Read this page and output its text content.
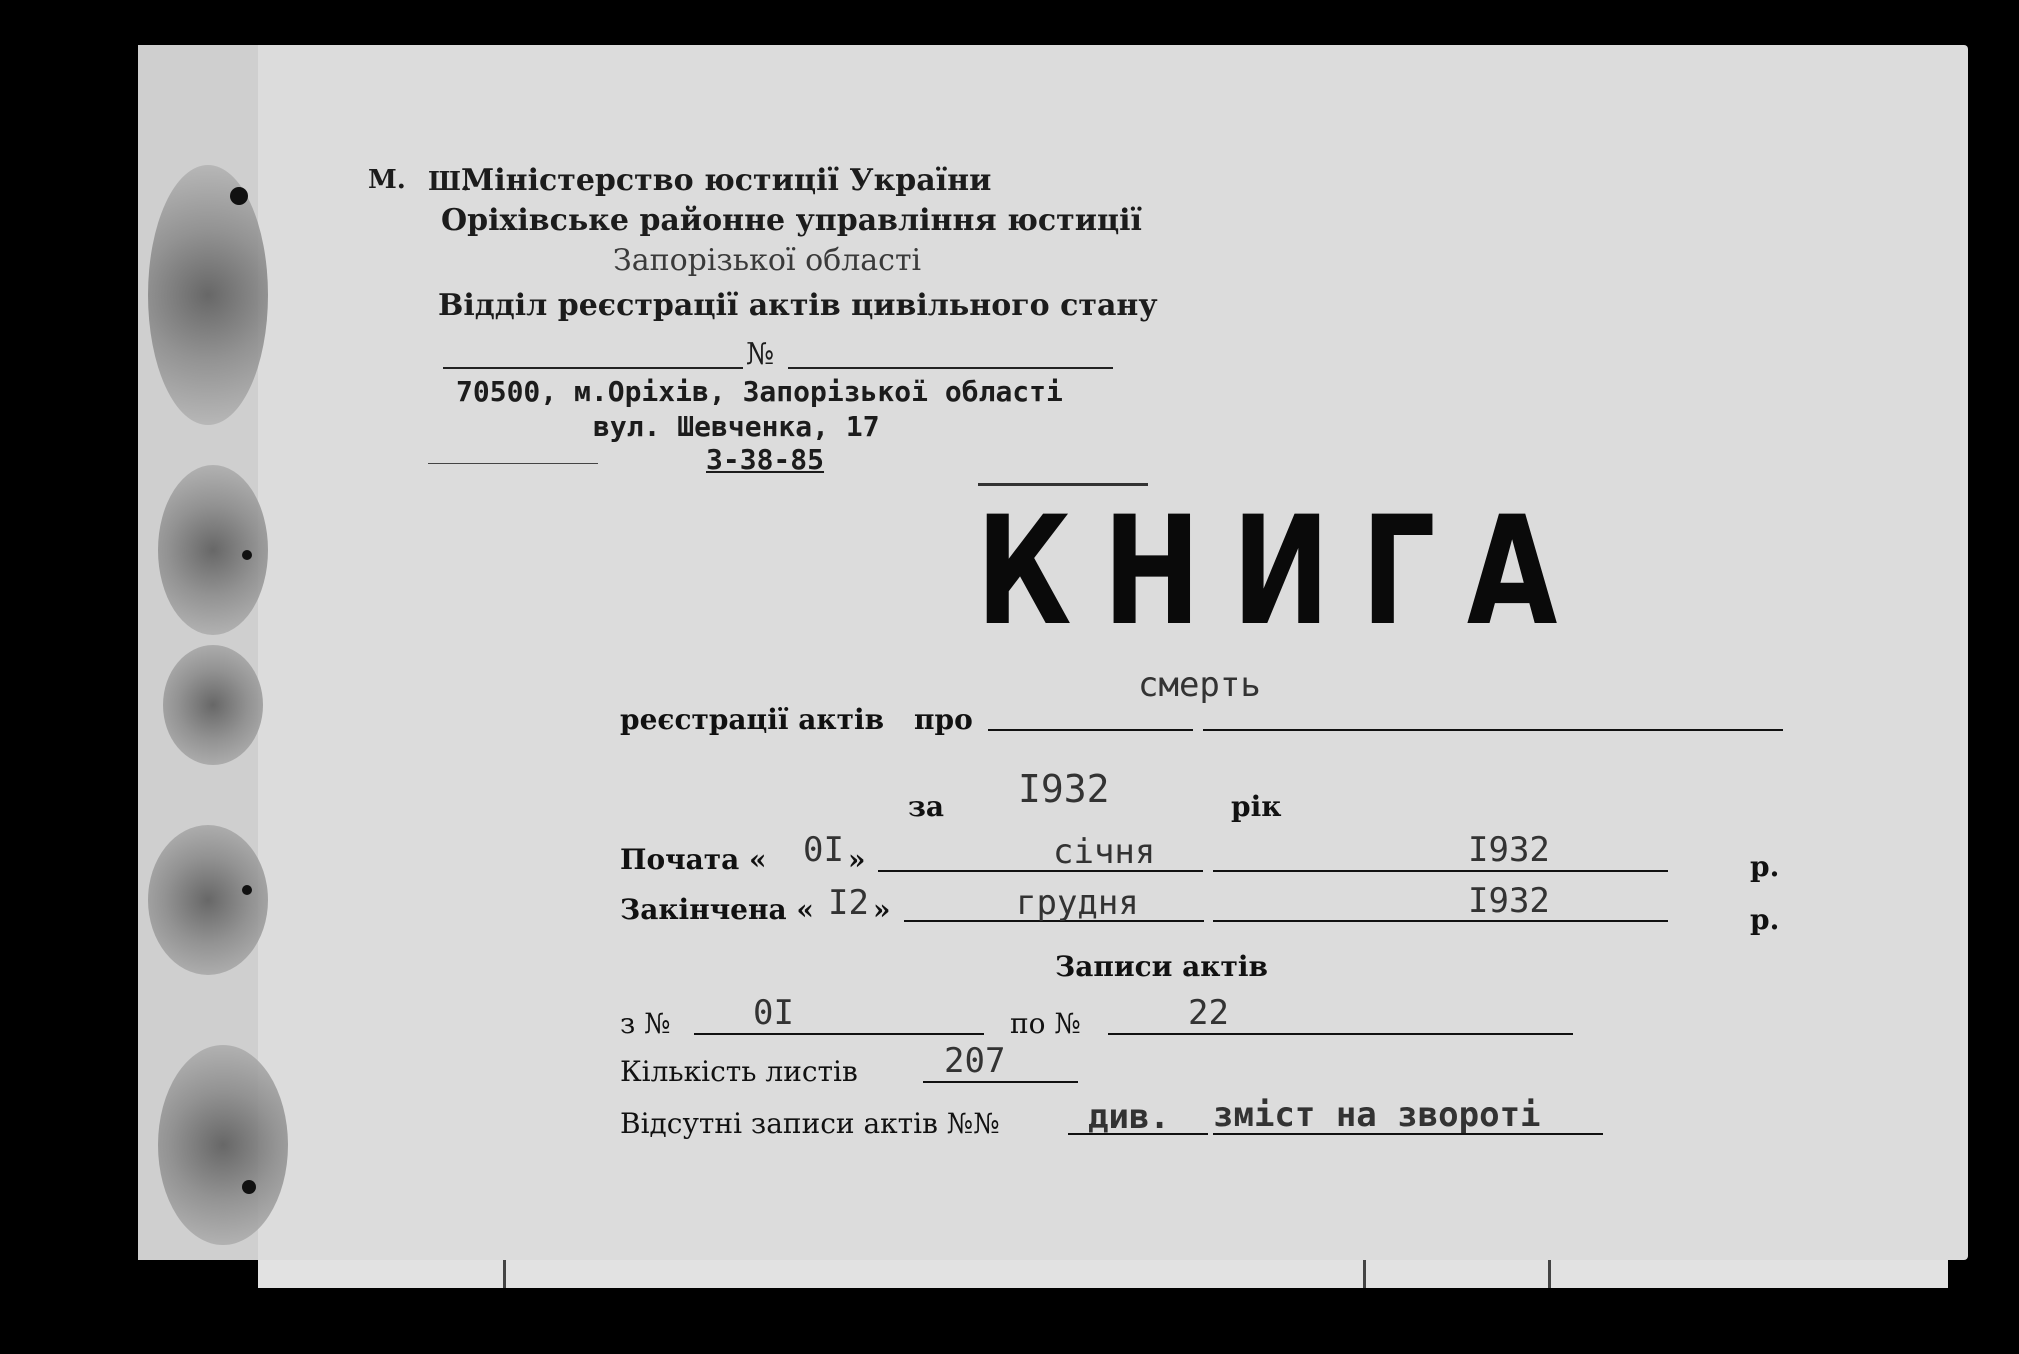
М. Ш.
Міністерство юстиції України
Оріхівське районне управління юстиції
Запорізької області
Відділ реєстрації актів цивільного стану
№
70500, м.Оріхів, Запорізької області
вул. Шевченка, 17
3-38-85
КНИГА
реєстрації актів про
смерть
за I932	рік
Почата « 0I »	січня	I932	р.
Закінчена « I2 »	грудня	I932	р.
Записи актів
з № 0I	по №	22
Кількість листів	207
Відсутні записи актів №№	див. зміст на звороті
